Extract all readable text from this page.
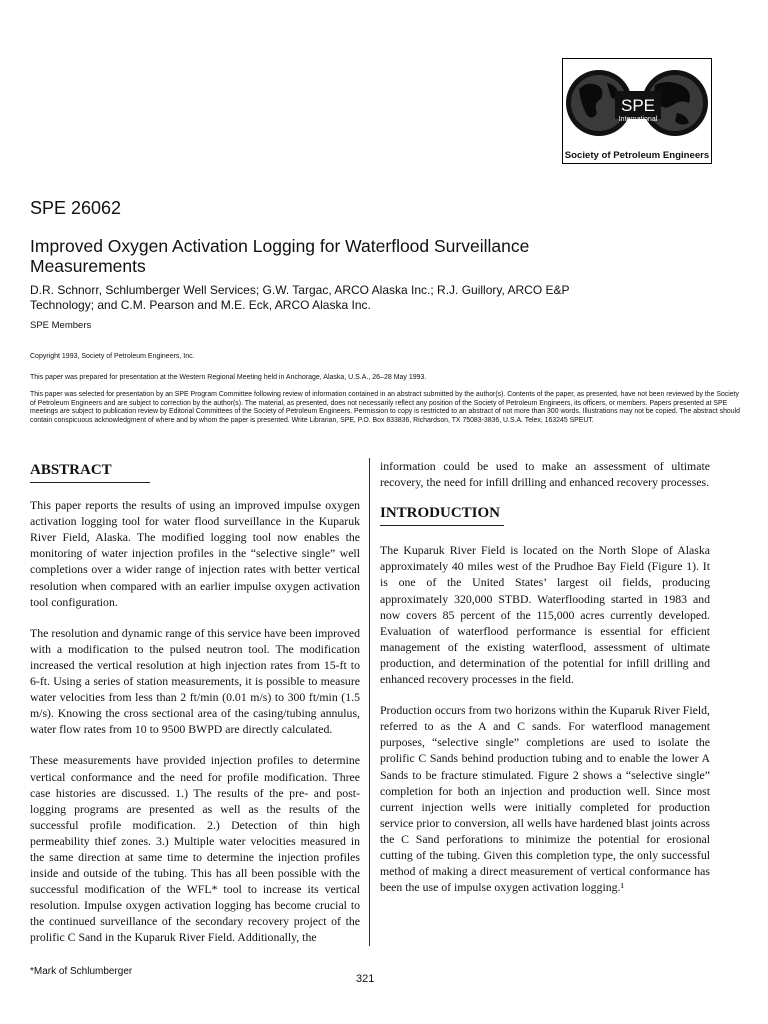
SPE
International
Society of Petroleum Engineers
SPE 26062
Improved Oxygen Activation Logging for Waterflood Surveillance Measurements
D.R. Schnorr, Schlumberger Well Services; G.W. Targac, ARCO Alaska Inc.; R.J. Guillory, ARCO E&P Technology; and C.M. Pearson and M.E. Eck, ARCO Alaska Inc.
SPE Members
Copyright 1993, Society of Petroleum Engineers, Inc.
This paper was prepared for presentation at the Western Regional Meeting held in Anchorage, Alaska, U.S.A., 26–28 May 1993.
This paper was selected for presentation by an SPE Program Committee following review of information contained in an abstract submitted by the author(s). Contents of the paper, as presented, have not been reviewed by the Society of Petroleum Engineers and are subject to correction by the author(s). The material, as presented, does not necessarily reflect any position of the Society of Petroleum Engineers, its officers, or members. Papers presented at SPE meetings are subject to publication review by Editorial Committees of the Society of Petroleum Engineers. Permission to copy is restricted to an abstract of not more than 300 words. Illustrations may not be copied. The abstract should contain conspicuous acknowledgment of where and by whom the paper is presented. Write Librarian, SPE, P.O. Box 833836, Richardson, TX 75083-3836, U.S.A. Telex, 163245 SPEUT.
ABSTRACT

This paper reports the results of using an improved impulse oxygen activation logging tool for water flood surveillance in the Kuparuk River Field, Alaska. The modified logging tool now enables the monitoring of water injection profiles in the “selective single” well completions over a wider range of injection rates with better vertical resolution when compared with an earlier impulse oxygen activation tool configuration.

The resolution and dynamic range of this service have been improved with a modification to the pulsed neutron tool. The modification increased the vertical resolution at high injection rates from 15-ft to 6-ft. Using a series of station measurements, it is possible to measure water velocities from less than 2 ft/min (0.01 m/s) to 300 ft/min (1.5 m/s). Knowing the cross sectional area of the casing/tubing annulus, water flow rates from 10 to 9500 BWPD are directly calculated.

These measurements have provided injection profiles to determine vertical conformance and the need for profile modification. Three case histories are discussed. 1.) The results of the pre- and post-logging programs are presented as well as the results of the successful profile modification. 2.) Detection of thin high permeability thief zones. 3.) Multiple water velocities measured in the same direction at same time to determine the injection profiles inside and outside of the tubing. This has all been possible with the successful modification of the WFL* tool to increase its vertical resolution. Impulse oxygen activation logging has become crucial to the continued surveillance of the secondary recovery project of the prolific C Sand in the Kuparuk River Field. Additionally, the

information could be used to make an assessment of ultimate recovery, the need for infill drilling and enhanced recovery processes.

INTRODUCTION

The Kuparuk River Field is located on the North Slope of Alaska approximately 40 miles west of the Prudhoe Bay Field (Figure 1). It is one of the United States’ largest oil fields, producing approximately 320,000 STBD. Waterflooding started in 1983 and now covers 85 percent of the 115,000 acres currently developed. Evaluation of waterflood performance is essential for efficient management of the existing waterflood, assessment of ultimate production, and determination of the potential for infill drilling and enhanced recovery processes in the field.

Production occurs from two horizons within the Kuparuk River Field, referred to as the A and C sands. For waterflood management purposes, “selective single” completions are used to isolate the prolific C Sands behind production tubing and to enable the lower A Sands to be fracture stimulated. Figure 2 shows a “selective single” completion for both an injection and production well. Since most current injection wells were initially completed for production service prior to conversion, all wells have hardened blast joints across the C Sand perforations to minimize the potential for erosional cutting of the tubing. Given this completion type, the only successful method of making a direct measurement of vertical conformance has been the use of impulse oxygen activation logging.¹

*Mark of Schlumberger
321
